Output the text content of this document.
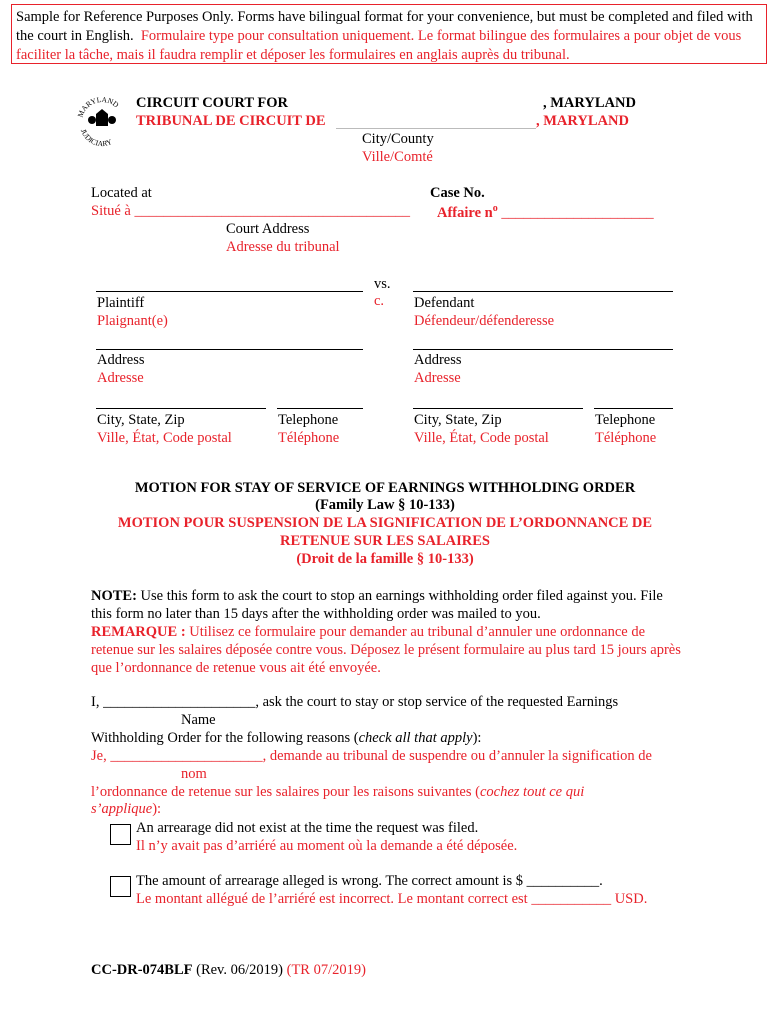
Sample for Reference Purposes Only. Forms have bilingual format for your convenience, but must be completed and filed with the court in English. Formulaire type pour consultation uniquement. Le format bilingue des formulaires a pour objet de vous faciliter la tâche, mais il faudra remplir et déposer les formulaires en anglais auprès du tribunal.
MARYLAND
JUDICIARY
CIRCUIT COURT FOR
TRIBUNAL DE CIRCUIT DE
, MARYLAND
, MARYLAND
City/County
Ville/Comté
Located at
Situé à ______________________________________
Case No.
Affaire $n^o$ _____________________
Court Address
Adresse du tribunal
vs.
c.
Plaintiff
Plaignant(e)
Defendant
Défendeur/défenderesse
Address
Adresse
Address
Adresse
City, State, Zip
Ville, État, Code postal
Telephone
Téléphone
City, State, Zip
Ville, État, Code postal
Telephone
Téléphone
MOTION FOR STAY OF SERVICE OF EARNINGS WITHHOLDING ORDER
(Family Law § 10-133)
MOTION POUR SUSPENSION DE LA SIGNIFICATION DE L’ORDONNANCE DE
RETENUE SUR LES SALAIRES
(Droit de la famille § 10-133)
NOTE: Use this form to ask the court to stop an earnings withholding order filed against you. File this form no later than 15 days after the withholding order was mailed to you.
REMARQUE : Utilisez ce formulaire pour demander au tribunal d’annuler une ordonnance de retenue sur les salaires déposée contre vous. Déposez le présent formulaire au plus tard 15 jours après que l’ordonnance de retenue vous ait été envoyée.
I, _____________________, ask the court to stay or stop service of the requested Earnings
Name
Withholding Order for the following reasons (check all that apply):
Je, _____________________, demande au tribunal de suspendre ou d’annuler la signification de
nom
l’ordonnance de retenue sur les salaires pour les raisons suivantes (cochez tout ce qui
s’applique):
An arrearage did not exist at the time the request was filed.
Il n’y avait pas d’arriéré au moment où la demande a été déposée.
The amount of arrearage alleged is wrong. The correct amount is $ __________.
Le montant allégué de l’arriéré est incorrect. Le montant correct est ___________ USD.
CC-DR-074BLF (Rev. 06/2019) (TR 07/2019)
